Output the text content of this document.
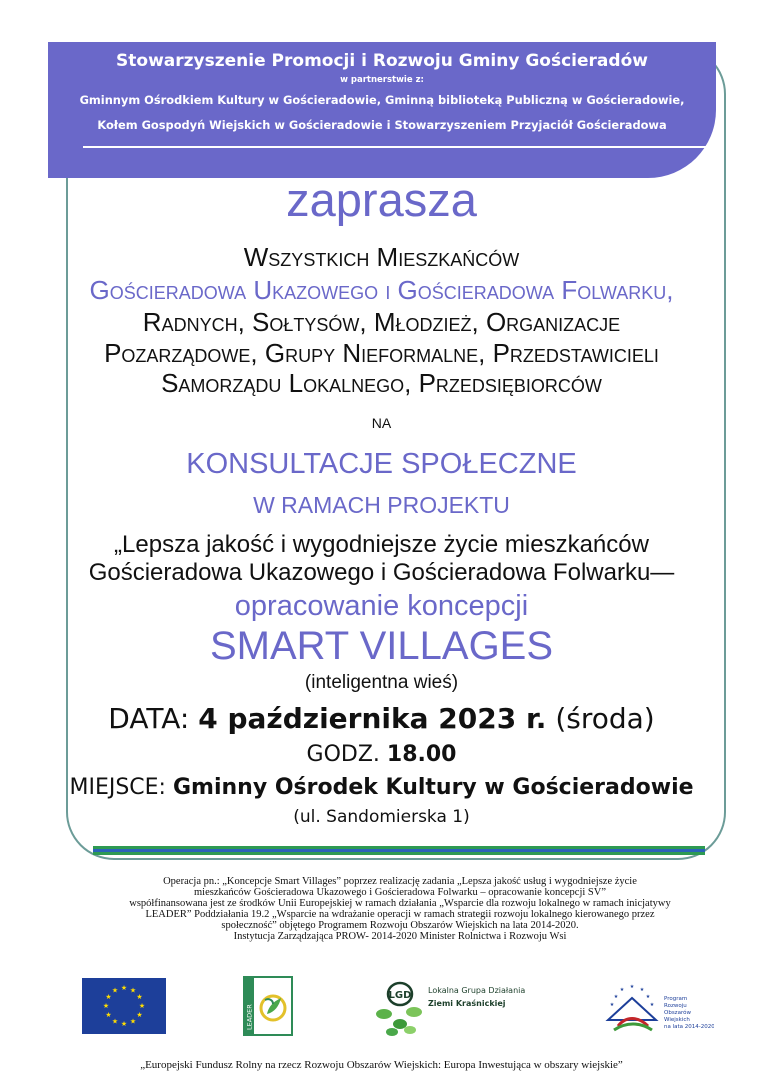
Stowarzyszenie Promocji i Rozwoju Gminy Gościeradów
w partnerstwie z:
Gminnym Ośrodkiem Kultury w Gościeradowie, Gminną biblioteką Publiczną w Gościeradowie,
Kołem Gospodyń Wiejskich w Gościeradowie i Stowarzyszeniem Przyjaciół Gościeradowa
zaprasza
Wszystkich Mieszkańców
Gościeradowa Ukazowego i Gościeradowa Folwarku,
Radnych, Sołtysów, Młodzież, Organizacje
Pozarządowe, Grupy Nieformalne, Przedstawicieli
Samorządu Lokalnego, Przedsiębiorców
na
KONSULTACJE SPOŁECZNE
W RAMACH PROJEKTU
„Lepsza jakość i wygodniejsze życie mieszkańców
Gościeradowa Ukazowego i Gościeradowa Folwarku—
opracowanie koncepcji
SMART VILLAGES
(inteligentna wieś)
DATA: 4 października 2023 r. (środa)
GODZ. 18.00
MIEJSCE: Gminny Ośrodek Kultury w Gościeradowie
(ul. Sandomierska 1)
Operacja pn.: „Koncepcje Smart Villages” poprzez realizację zadania „Lepsza jakość usług i wygodniejsze życie
mieszkańców Gościeradowa Ukazowego i Gościeradowa Folwarku – opracowanie koncepcji SV”
współfinansowana jest ze środków Unii Europejskiej w ramach działania „Wsparcie dla rozwoju lokalnego w ramach inicjatywy
LEADER” Poddziałania 19.2 „Wsparcie na wdrażanie operacji w ramach strategii rozwoju lokalnego kierowanego przez
społeczność” objętego Programem Rozwoju Obszarów Wiejskich na lata 2014-2020.
Instytucja Zarządzająca PROW- 2014-2020 Minister Rolnictwa i Rozwoju Wsi
★ ★
★
★
★
★
★
★
★
★
★
★
LEADER
LGD Lokalna Grupa Działania
Ziemi Kraśnickiej
★ ★
★
★
★
★	★
Program
Rozwoju
Obszarów
Wiejskich
na lata 2014-2020
„Europejski Fundusz Rolny na rzecz Rozwoju Obszarów Wiejskich: Europa Inwestująca w obszary wiejskie”
